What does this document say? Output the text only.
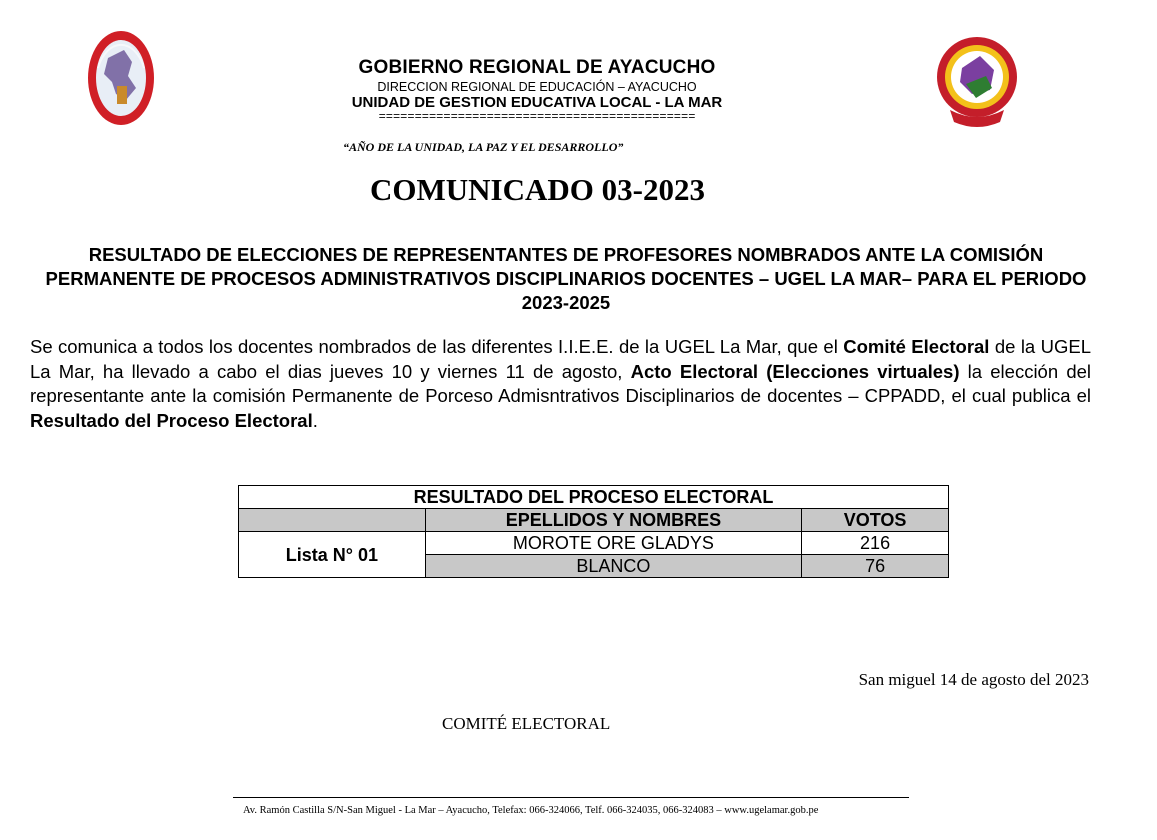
GOBIERNO REGIONAL DE AYACUCHO
DIRECCION REGIONAL DE EDUCACIÓN – AYACUCHO
UNIDAD DE GESTION EDUCATIVA LOCAL - LA MAR
============================================
“AÑO DE LA UNIDAD, LA PAZ Y EL DESARROLLO”
COMUNICADO 03-2023
RESULTADO DE ELECCIONES DE REPRESENTANTES DE PROFESORES NOMBRADOS ANTE LA COMISIÓN PERMANENTE DE PROCESOS ADMINISTRATIVOS DISCIPLINARIOS DOCENTES – UGEL LA MAR– PARA EL PERIODO 2023-2025
Se comunica a todos los docentes nombrados de las diferentes I.I.E.E. de la UGEL La Mar, que el Comité Electoral de la UGEL La Mar, ha llevado a cabo el dias jueves 10 y viernes 11 de agosto, Acto Electoral (Elecciones virtuales) la elección del representante ante la comisión Permanente de Porceso Admisntrativos Disciplinarios de docentes – CPPADD, el cual publica el Resultado del Proceso Electoral.
RESULTADO DEL PROCESO ELECTORAL		
	EPELLIDOS Y NOMBRES	VOTOS
Lista N° 01	MOROTE ORE GLADYS	216
	BLANCO	76
San miguel 14 de agosto del 2023
COMITÉ ELECTORAL
Av. Ramón Castilla S/N-San Miguel - La Mar – Ayacucho, Telefax: 066-324066, Telf. 066-324035, 066-324083 – www.ugelamar.gob.pe
